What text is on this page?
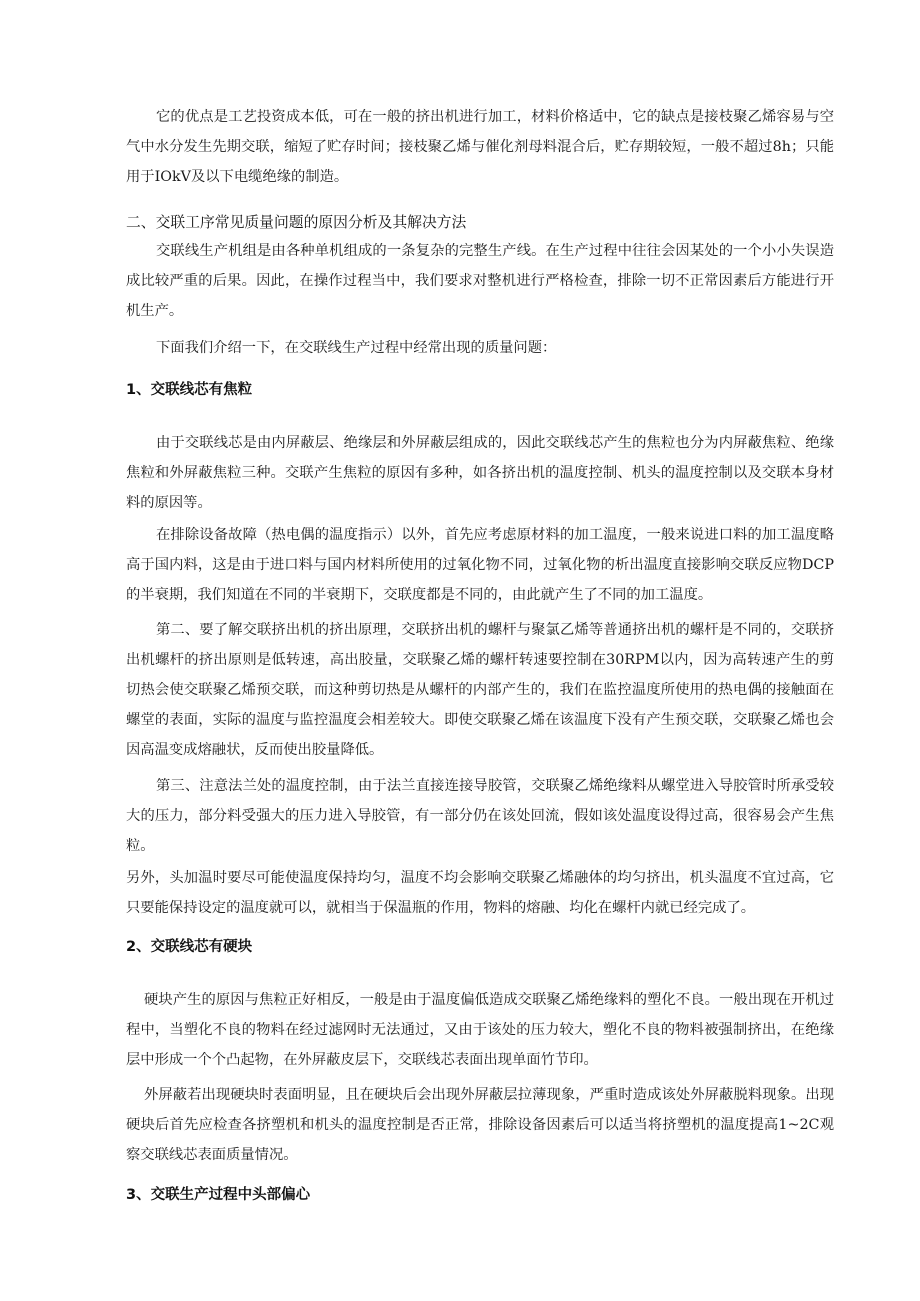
它的优点是工艺投资成本低，可在一般的挤出机进行加工，材料价格适中，它的缺点是接枝聚乙烯容易与空气中水分发生先期交联，缩短了贮存时间；接枝聚乙烯与催化剂母料混合后，贮存期较短，一般不超过8h；只能用于IOkV及以下电缆绝缘的制造。

二、交联工序常见质量问题的原因分析及其解决方法

交联线生产机组是由各种单机组成的一条复杂的完整生产线。在生产过程中往往会因某处的一个小小失误造成比较严重的后果。因此，在操作过程当中，我们要求对整机进行严格检查，排除一切不正常因素后方能进行开机生产。

下面我们介绍一下，在交联线生产过程中经常出现的质量问题：

1、交联线芯有焦粒

由于交联线芯是由内屏蔽层、绝缘层和外屏蔽层组成的，因此交联线芯产生的焦粒也分为内屏蔽焦粒、绝缘焦粒和外屏蔽焦粒三种。交联产生焦粒的原因有多种，如各挤出机的温度控制、机头的温度控制以及交联本身材料的原因等。

在排除设备故障（热电偶的温度指示）以外，首先应考虑原材料的加工温度，一般来说进口料的加工温度略高于国内料，这是由于进口料与国内材料所使用的过氧化物不同，过氧化物的析出温度直接影响交联反应物DCP的半衰期，我们知道在不同的半衰期下，交联度都是不同的，由此就产生了不同的加工温度。

第二、要了解交联挤出机的挤出原理，交联挤出机的螺杆与聚氯乙烯等普通挤出机的螺杆是不同的，交联挤出机螺杆的挤出原则是低转速，高出胶量，交联聚乙烯的螺杆转速要控制在30RPM以内，因为高转速产生的剪切热会使交联聚乙烯预交联，而这种剪切热是从螺杆的内部产生的，我们在监控温度所使用的热电偶的接触面在螺堂的表面，实际的温度与监控温度会相差较大。即使交联聚乙烯在该温度下没有产生预交联，交联聚乙烯也会因高温变成熔融状，反而使出胶量降低。

第三、注意法兰处的温度控制，由于法兰直接连接导胶管，交联聚乙烯绝缘料从螺堂进入导胶管时所承受较大的压力，部分料受强大的压力进入导胶管，有一部分仍在该处回流，假如该处温度设得过高，很容易会产生焦粒。

另外，头加温时要尽可能使温度保持均匀，温度不均会影响交联聚乙烯融体的均匀挤出，机头温度不宜过高，它只要能保持设定的温度就可以，就相当于保温瓶的作用，物料的熔融、均化在螺杆内就已经完成了。

2、交联线芯有硬块

硬块产生的原因与焦粒正好相反，一般是由于温度偏低造成交联聚乙烯绝缘料的塑化不良。一般出现在开机过程中，当塑化不良的物料在经过滤网时无法通过，又由于该处的压力较大，塑化不良的物料被强制挤出，在绝缘层中形成一个个凸起物，在外屏蔽皮层下，交联线芯表面出现单面竹节印。

外屏蔽若出现硬块时表面明显，且在硬块后会出现外屏蔽层拉薄现象，严重时造成该处外屏蔽脱料现象。出现硬块后首先应检查各挤塑机和机头的温度控制是否正常，排除设备因素后可以适当将挤塑机的温度提高1~2C观察交联线芯表面质量情况。

3、交联生产过程中头部偏心
